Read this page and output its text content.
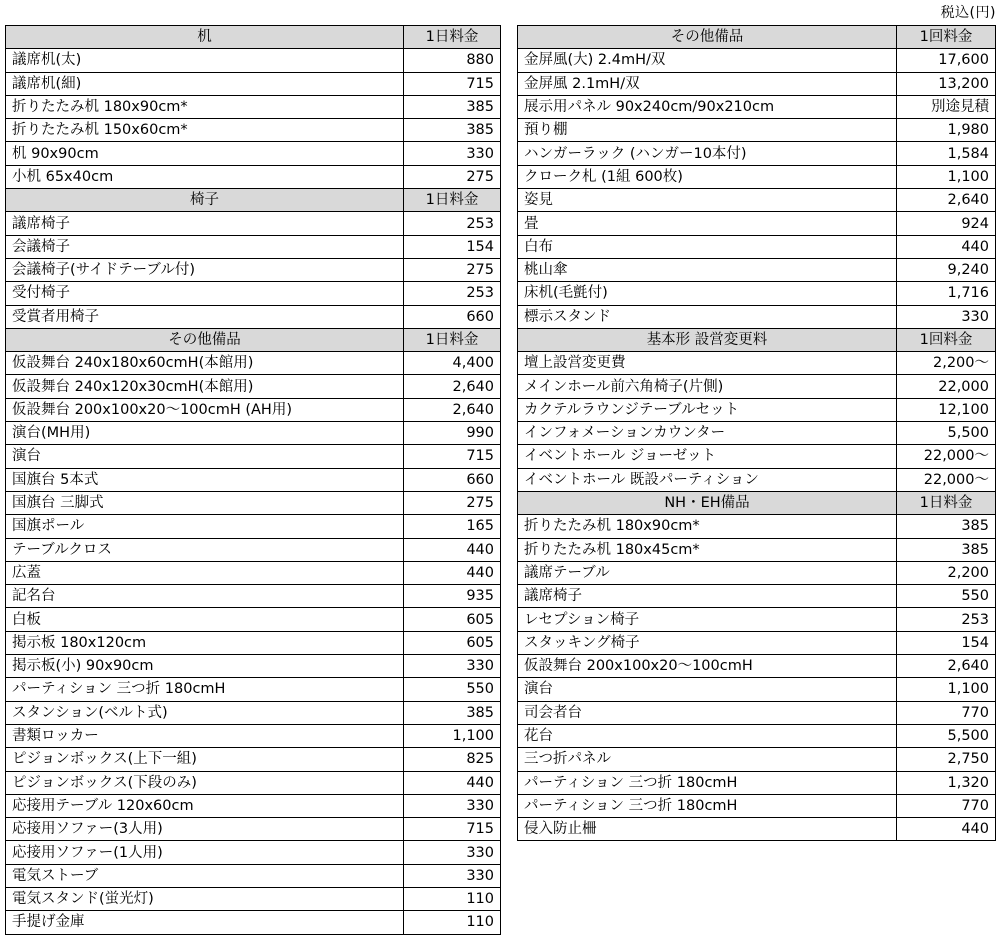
税込(円)
机	1日料金
議席机(太)	880
議席机(細)	715
折りたたみ机 180x90cm*	385
折りたたみ机 150x60cm*	385
机 90x90cm	330
小机 65x40cm	275
椅子	1日料金
議席椅子	253
会議椅子	154
会議椅子(サイドテーブル付)	275
受付椅子	253
受賞者用椅子	660
その他備品	1日料金
仮設舞台 240x180x60cmH(本館用)	4,400
仮設舞台 240x120x30cmH(本館用)	2,640
仮設舞台 200x100x20～100cmH (AH用)	2,640
演台(MH用)	990
演台	715
国旗台 5本式	660
国旗台 三脚式	275
国旗ポール	165
テーブルクロス	440
広蓋	440
記名台	935
白板	605
掲示板 180x120cm	605
掲示板(小) 90x90cm	330
パーティション 三つ折 180cmH	550
スタンション(ベルト式)	385
書類ロッカー	1,100
ピジョンボックス(上下一組)	825
ピジョンボックス(下段のみ)	440
応接用テーブル 120x60cm	330
応接用ソファー(3人用)	715
応接用ソファー(1人用)	330
電気ストーブ	330
電気スタンド(蛍光灯)	110
手提げ金庫	110
その他備品	1回料金
金屏風(大) 2.4mH/双	17,600
金屏風 2.1mH/双	13,200
展示用パネル 90x240cm/90x210cm	別途見積
預り棚	1,980
ハンガーラック (ハンガー10本付)	1,584
クローク札 (1組 600枚)	1,100
姿見	2,640
畳	924
白布	440
桃山傘	9,240
床机(毛氈付)	1,716
標示スタンド	330
基本形 設営変更料	1回料金
壇上設営変更費	2,200～
メインホール前六角椅子(片側)	22,000
カクテルラウンジテーブルセット	12,100
インフォメーションカウンター	5,500
イベントホール ジョーゼット	22,000～
イベントホール 既設パーティション	22,000～
NH・EH備品	1日料金
折りたたみ机 180x90cm*	385
折りたたみ机 180x45cm*	385
議席テーブル	2,200
議席椅子	550
レセプション椅子	253
スタッキング椅子	154
仮設舞台 200x100x20～100cmH	2,640
演台	1,100
司会者台	770
花台	5,500
三つ折パネル	2,750
パーティション 三つ折 180cmH	1,320
パーティション 三つ折 180cmH	770
侵入防止柵	440
